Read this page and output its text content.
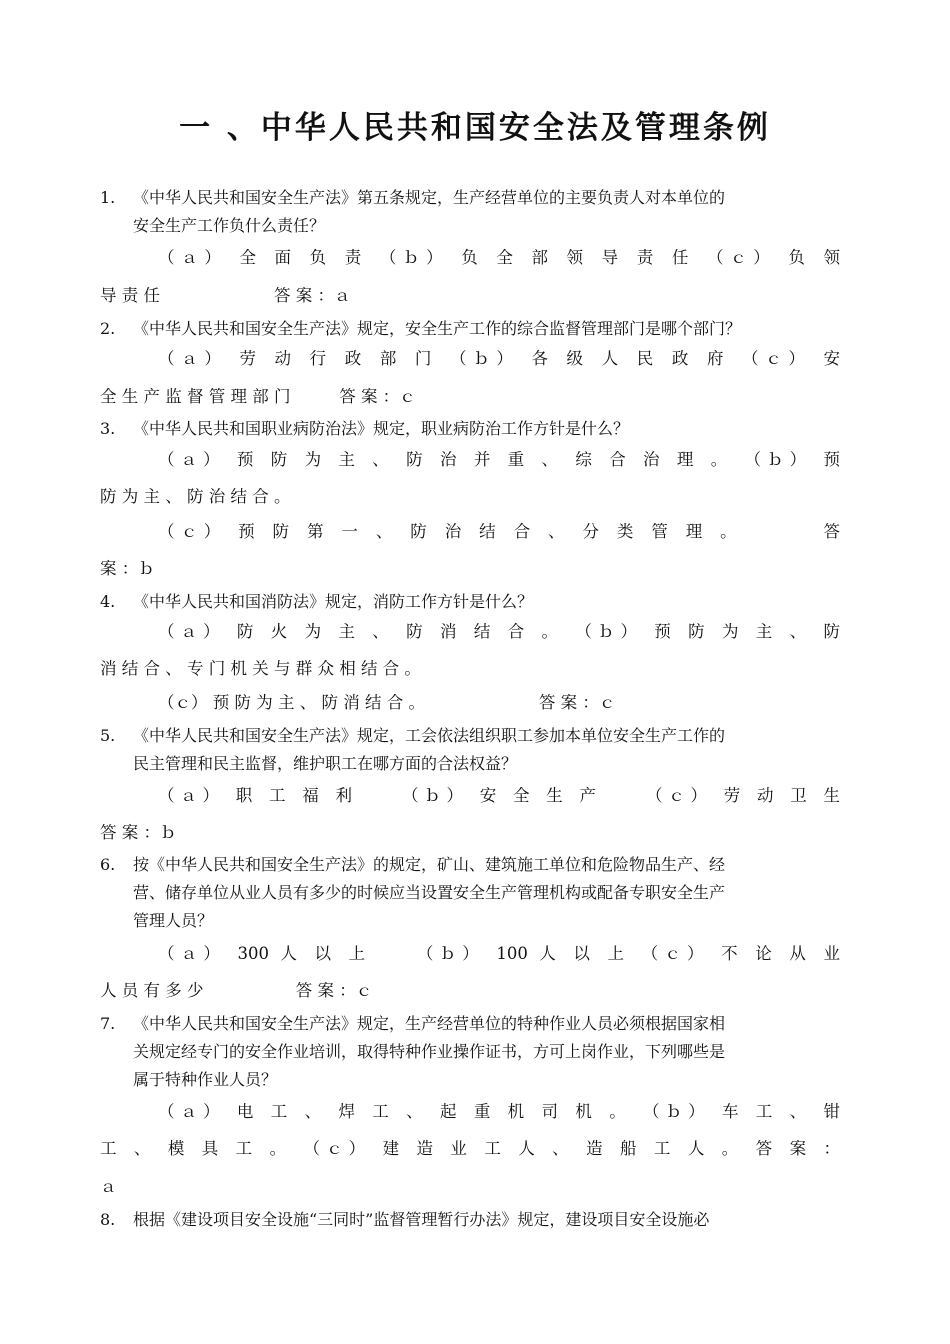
一 、中华人民共和国安全法及管理条例
1. 《中华人民共和国安全生产法》第五条规定，生产经营单位的主要负责人对本单位的
安全生产工作负什么责任？
（ａ） 全 面 负 责 （ｂ） 负 全 部 领 导 责 任 （ｃ） 负 领
导 责 任 　 　 　 　 　 答 案 ：ａ
2. 《中华人民共和国安全生产法》规定，安全生产工作的综合监督管理部门是哪个部门？
（ａ） 劳 动 行 政 部 门 （ｂ） 各 级 人 民 政 府 （ｃ） 安
全 生 产 监 督 管 理 部 门 　 　 答 案 ：ｃ
3. 《中华人民共和国职业病防治法》规定，职业病防治工作方针是什么？
（ａ） 预 防 为 主 、 防 治 并 重 、 综 合 治 理 。 （ｂ） 预
防 为 主 、 防 治 结 合 。
（ｃ） 预 防 第 一 、 防 治 结 合 、 分 类 管 理 。 　 　 答
案 ：ｂ
4. 《中华人民共和国消防法》规定，消防工作方针是什么？
（ａ） 防 火 为 主 、 防 消 结 合 。 （ｂ） 预 防 为 主 、 防
消 结 合 、 专 门 机 关 与 群 众 相 结 合 。
（ｃ） 预 防 为 主 、 防 消 结 合 。 　 　 　 　 　 答 案 ：ｃ
5. 《中华人民共和国安全生产法》规定，工会依法组织职工参加本单位安全生产工作的
民主管理和民主监督，维护职工在哪方面的合法权益？
（ａ） 职 工 福 利 　 （ｂ） 安 全 生 产 　 （ｃ） 劳 动 卫 生
答 案 ：ｂ
6. 按《中华人民共和国安全生产法》的规定，矿山、建筑施工单位和危险物品生产、经
营、储存单位从业人员有多少的时候应当设置安全生产管理机构或配备专职安全生产
管理人员？
（ａ） 300 人 以 上 　 （ｂ） 100 人 以 上 （ｃ） 不 论 从 业
人 员 有 多 少 　 　 　 　 答 案 ：ｃ
7. 《中华人民共和国安全生产法》规定，生产经营单位的特种作业人员必须根据国家相
关规定经专门的安全作业培训，取得特种作业操作证书，方可上岗作业，下列哪些是
属于特种作业人员？
（ａ） 电 工 、 焊 工 、 起 重 机 司 机 。 （ｂ） 车 工 、 钳
工 、 模 具 工 。 （ｃ） 建 造 业 工 人 、 造 船 工 人 。 答 案 ：
ａ
8. 根据《建设项目安全设施“三同时”监督管理暂行办法》规定，建设项目安全设施必
